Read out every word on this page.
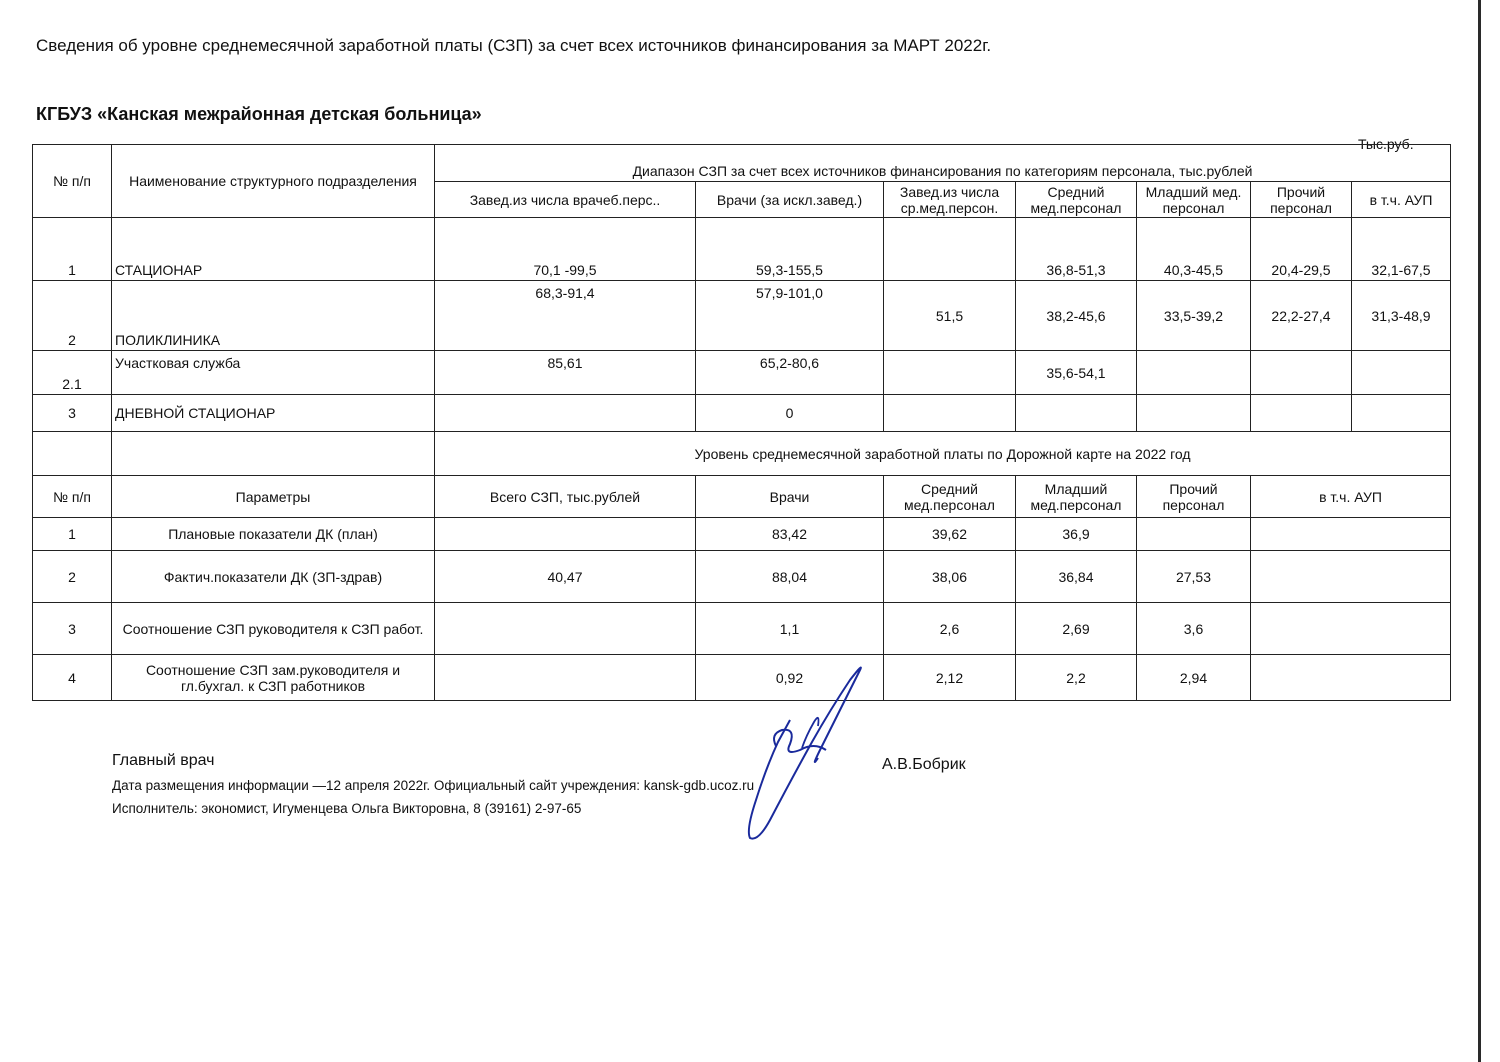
Сведения об уровне среднемесячной заработной платы (СЗП) за счет всех источников финансирования за МАРТ 2022г.
КГБУЗ «Канская межрайонная детская больница»
Тыс.руб.
№ п/п	Наименование структурного подразделения	Диапазон СЗП за счет всех источников финансирования по категориям персонала, тыс.рублей						
		Завед.из числа врачеб.перс..	Врачи (за искл.завед.)	Завед.из числа ср.мед.персон.	Средний мед.персонал	Младший мед. персонал	Прочий персонал	в т.ч. АУП
1	СТАЦИОНАР	70,1 -99,5	59,3-155,5		36,8-51,3	40,3-45,5	20,4-29,5	32,1-67,5
2	ПОЛИКЛИНИКА	68,3-91,4	57,9-101,0	51,5	38,2-45,6	33,5-39,2	22,2-27,4	31,3-48,9
2.1	Участковая служба	85,61	65,2-80,6		35,6-54,1			
3	ДНЕВНОЙ СТАЦИОНАР		0					
		Уровень среднемесячной заработной платы по Дорожной карте на 2022 год						
№ п/п	Параметры	Всего СЗП, тыс.рублей	Врачи	Средний мед.персонал	Младший мед.персонал	Прочий персонал	в т.ч. АУП	
1	Плановые показатели ДК (план)		83,42	39,62	36,9			
2	Фактич.показатели ДК (ЗП-здрав)	40,47	88,04	38,06	36,84	27,53		
3	Соотношение СЗП руководителя к СЗП работ.		1,1	2,6	2,69	3,6		
4	Соотношение СЗП зам.руководителя и гл.бухгал. к СЗП работников		0,92	2,12	2,2	2,94		
Главный врач
Дата размещения информации —12 апреля 2022г. Официальный сайт учреждения: kansk-gdb.ucoz.ru
Исполнитель: экономист, Игуменцева Ольга Викторовна, 8 (39161) 2-97-65
А.В.Бобрик
